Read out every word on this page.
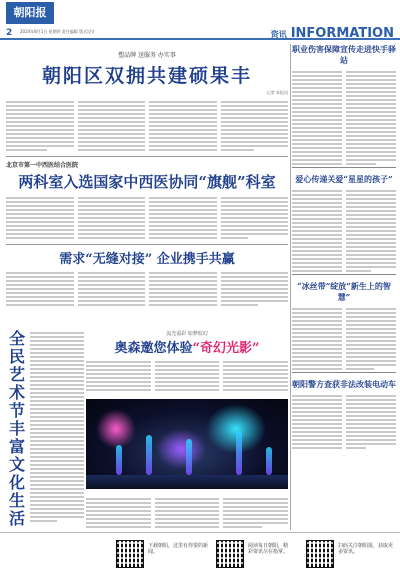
朝阳报
2 2024年8月1日 星期四 责任编辑 版式设计	资讯 INFORMATION
塑品牌 送服务 办实事
朝阳区双拥共建硕果丰
记者 本报讯
北京市第一中西医结合医院
两科室入选国家中西医协同“旗舰”科室
需求“无缝对接” 企业携手共赢
全民艺术节丰富文化生活
流光溢彩 如梦似幻
奥森邀您体验“奇幻光影”
职业伤害保障宣传走进快手驿站
爱心传递关爱“星星的孩子”
“冰丝带”绽放“新生上的智慧”
朝阳警方查获非法改装电动车
下载朝阳，这里有你要的新闻。
阅读每日朝阳，精彩资讯尽在指掌。
扫码关注朝阳报，获取更多资讯。
